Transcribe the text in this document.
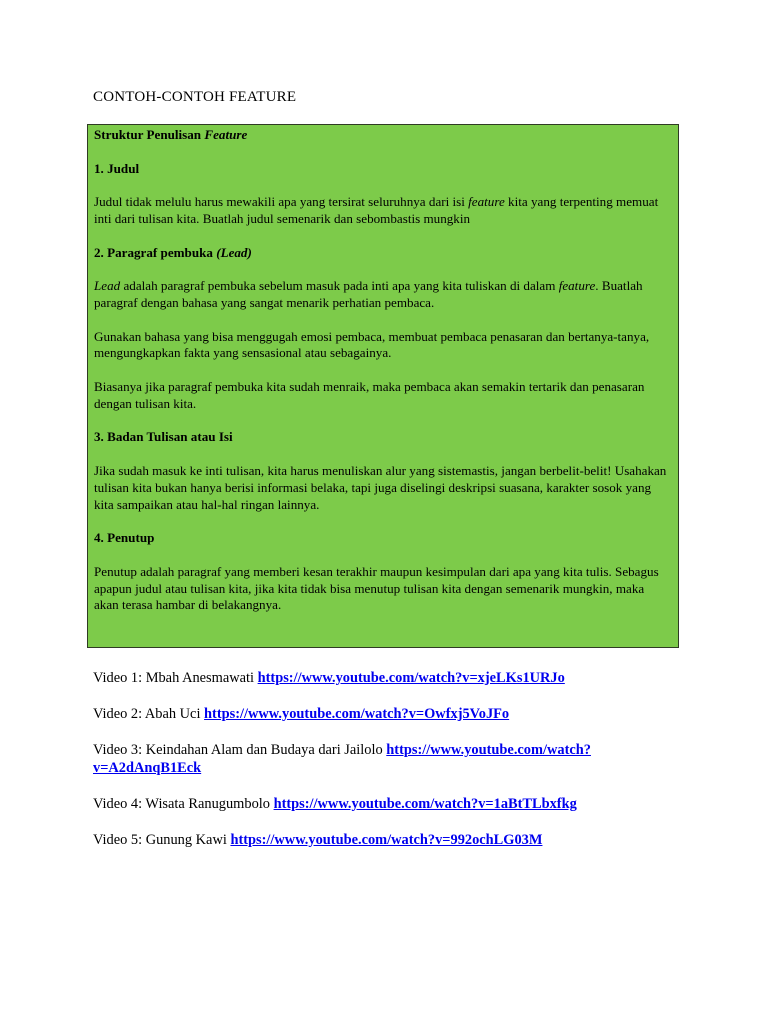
CONTOH-CONTOH FEATURE

Struktur Penulisan Feature

1. Judul

Judul tidak melulu harus mewakili apa yang tersirat seluruhnya dari isi feature kita yang terpenting memuat inti dari tulisan kita. Buatlah judul semenarik dan sebombastis mungkin

2. Paragraf pembuka (Lead)

Lead adalah paragraf pembuka sebelum masuk pada inti apa yang kita tuliskan di dalam feature. Buatlah paragraf dengan bahasa yang sangat menarik perhatian pembaca.

Gunakan bahasa yang bisa menggugah emosi pembaca, membuat pembaca penasaran dan bertanya-tanya, mengungkapkan fakta yang sensasional atau sebagainya.

Biasanya jika paragraf pembuka kita sudah menraik, maka pembaca akan semakin tertarik dan penasaran dengan tulisan kita.

3. Badan Tulisan atau Isi

Jika sudah masuk ke inti tulisan, kita harus menuliskan alur yang sistemastis, jangan berbelit-belit! Usahakan tulisan kita bukan hanya berisi informasi belaka, tapi juga diselingi deskripsi suasana, karakter sosok yang kita sampaikan atau hal-hal ringan lainnya.

4. Penutup

Penutup adalah paragraf yang memberi kesan terakhir maupun kesimpulan dari apa yang kita tulis. Sebagus apapun judul atau tulisan kita, jika kita tidak bisa menutup tulisan kita dengan semenarik mungkin, maka akan terasa hambar di belakangnya.

Video 1: Mbah Anesmawati https://www.youtube.com/watch?v=xjeLKs1URJo
Video 2: Abah Uci https://www.youtube.com/watch?v=Owfxj5VoJFo
Video 3: Keindahan Alam dan Budaya dari Jailolo https://www.youtube.com/watch?v=A2dAnqB1Eck
Video 4: Wisata Ranugumbolo https://www.youtube.com/watch?v=1aBtTLbxfkg
Video 5: Gunung Kawi https://www.youtube.com/watch?v=992ochLG03M
